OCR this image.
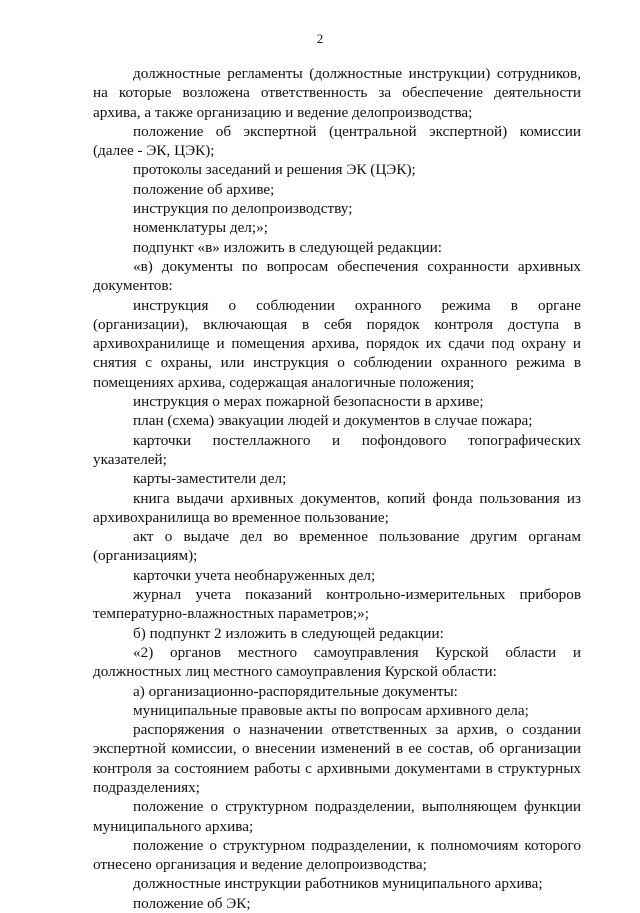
2

должностные регламенты (должностные инструкции) сотрудников, на которые возложена ответственность за обеспечение деятельности архива, а также организацию и ведение делопроизводства;

положение об экспертной (центральной экспертной) комиссии (далее - ЭК, ЦЭК);

протоколы заседаний и решения ЭК (ЦЭК);

положение об архиве;

инструкция по делопроизводству;

номенклатуры дел;»;

подпункт «в» изложить в следующей редакции:

«в) документы по вопросам обеспечения сохранности архивных документов:

инструкция о соблюдении охранного режима в органе (организации), включающая в себя порядок контроля доступа в архивохранилище и помещения архива, порядок их сдачи под охрану и снятия с охраны, или инструкция о соблюдении охранного режима в помещениях архива, содержащая аналогичные положения;

инструкция о мерах пожарной безопасности в архиве;

план (схема) эвакуации людей и документов в случае пожара;

карточки постеллажного и пофондового топографических указателей;

карты-заместители дел;

книга выдачи архивных документов, копий фонда пользования из архивохранилища во временное пользование;

акт о выдаче дел во временное пользование другим органам (организациям);

карточки учета необнаруженных дел;

журнал учета показаний контрольно-измерительных приборов температурно-влажностных параметров;»;

б) подпункт 2 изложить в следующей редакции:

«2) органов местного самоуправления Курской области и должностных лиц местного самоуправления Курской области:

а) организационно-распорядительные документы:

муниципальные правовые акты по вопросам архивного дела;

распоряжения о назначении ответственных за архив, о создании экспертной комиссии, о внесении изменений в ее состав, об организации контроля за состоянием работы с архивными документами в структурных подразделениях;

положение о структурном подразделении, выполняющем функции муниципального архива;

положение о структурном подразделении, к полномочиям которого отнесено организация и ведение делопроизводства;

должностные инструкции работников муниципального архива;

положение об ЭК;
